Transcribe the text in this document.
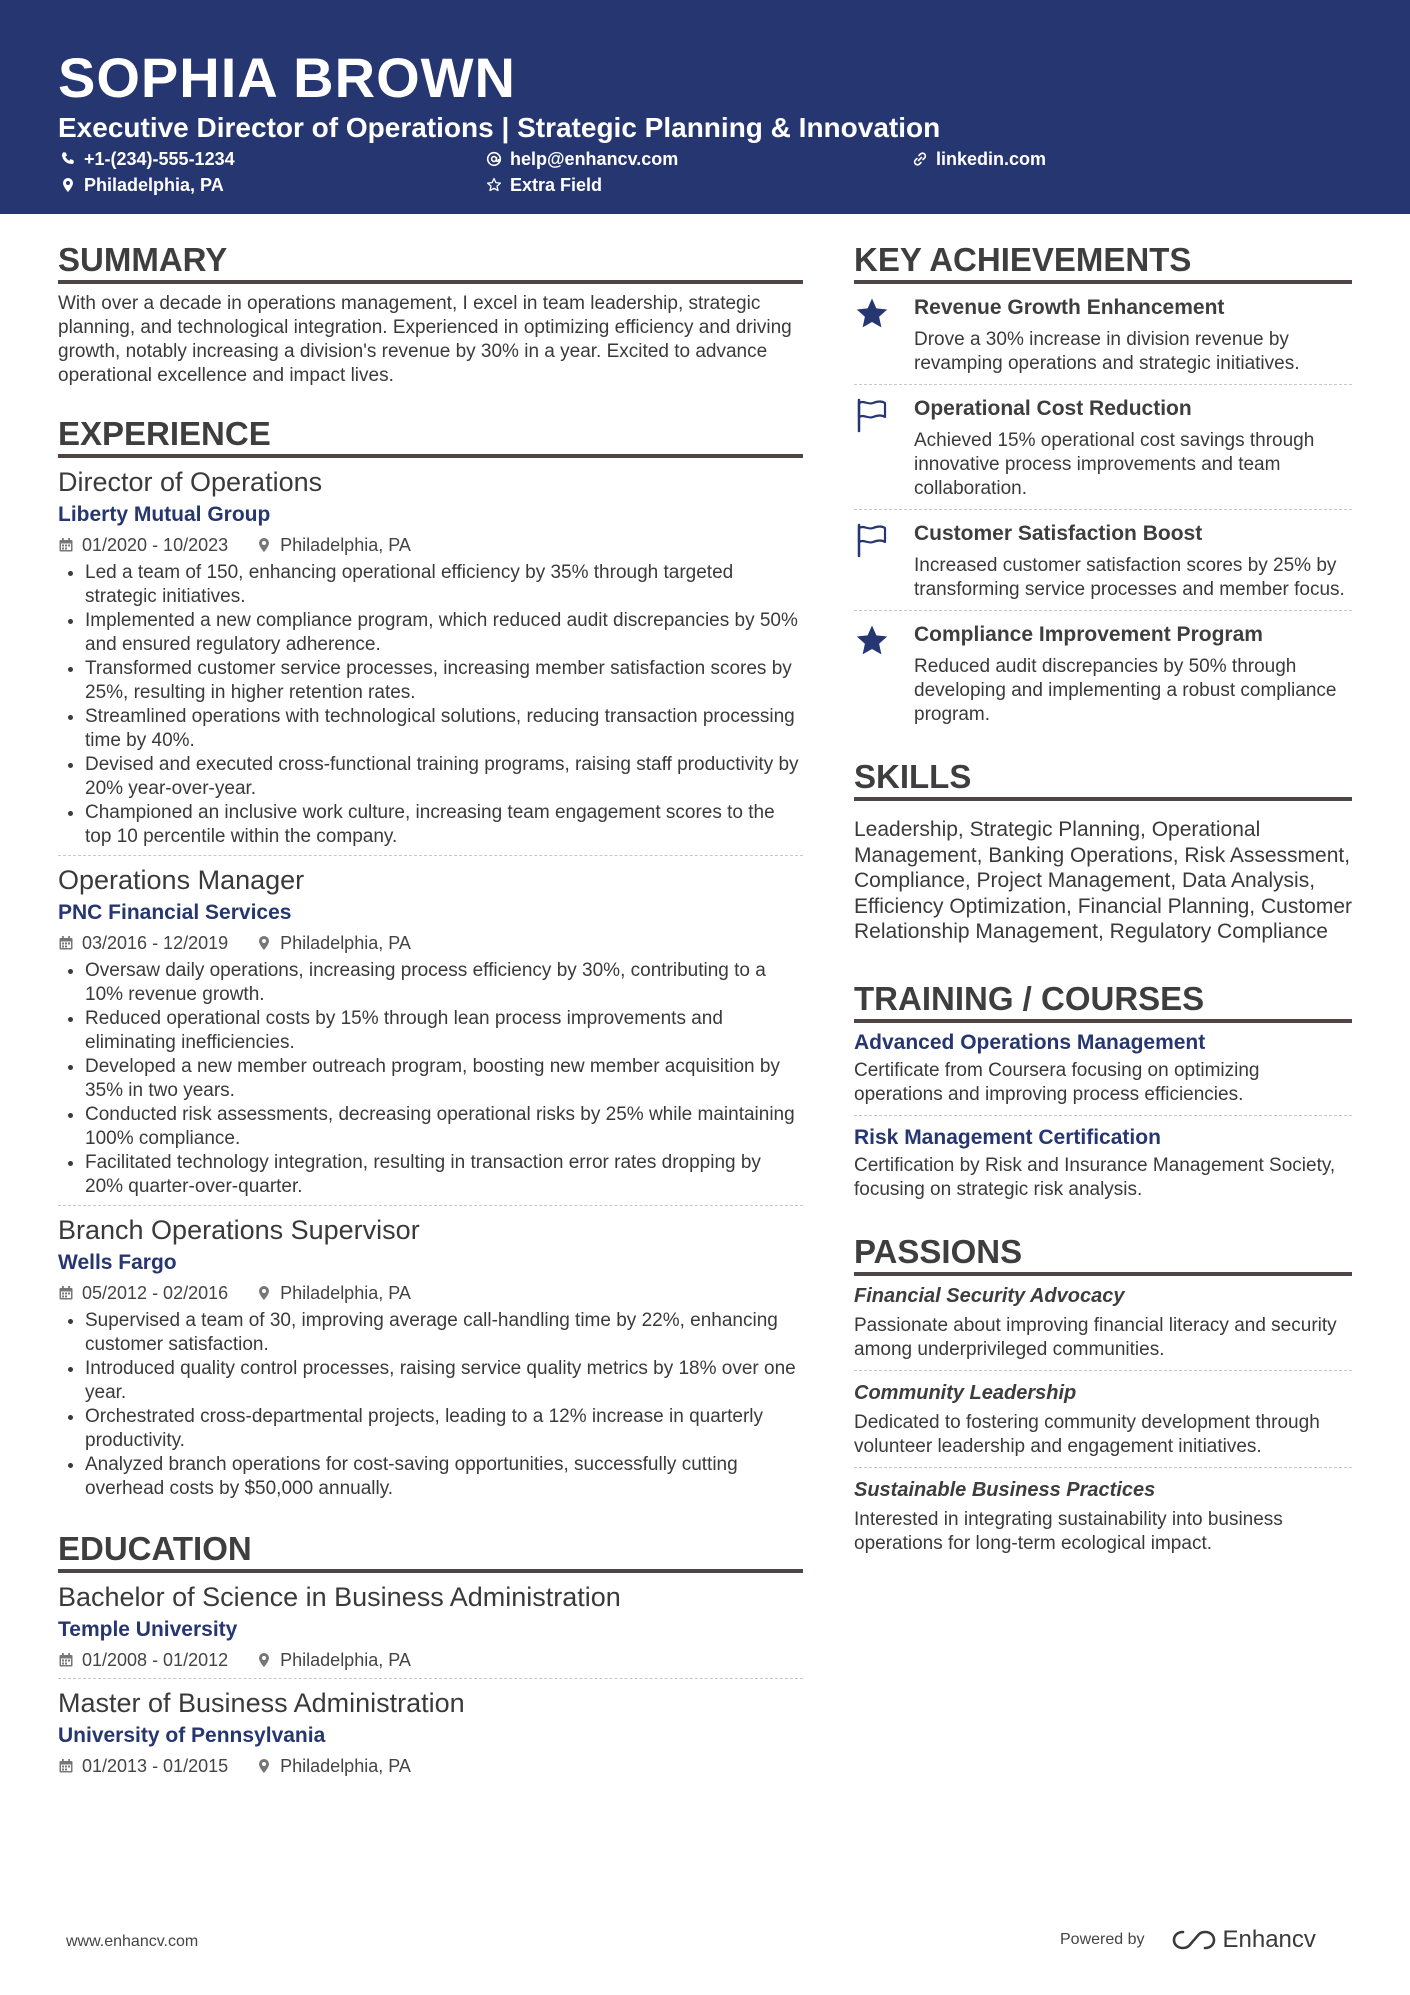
SOPHIA BROWN
Executive Director of Operations | Strategic Planning & Innovation
+1-(234)-555-1234	help@enhancv.com	linkedin.com
Philadelphia, PA	Extra Field
SUMMARY

With over a decade in operations management, I excel in team leadership, strategic planning, and technological integration. Experienced in optimizing efficiency and driving growth, notably increasing a division's revenue by 30% in a year. Excited to advance operational excellence and impact lives.

EXPERIENCE
Director of Operations
Liberty Mutual Group
01/2020 - 10/2023	Philadelphia, PA
• Led a team of 150, enhancing operational efficiency by 35% through targeted strategic initiatives.
• Implemented a new compliance program, which reduced audit discrepancies by 50% and ensured regulatory adherence.
• Transformed customer service processes, increasing member satisfaction scores by 25%, resulting in higher retention rates.
• Streamlined operations with technological solutions, reducing transaction processing time by 40%.
• Devised and executed cross-functional training programs, raising staff productivity by 20% year-over-year.
• Championed an inclusive work culture, increasing team engagement scores to the top 10 percentile within the company.
Operations Manager
PNC Financial Services
03/2016 - 12/2019	Philadelphia, PA
• Oversaw daily operations, increasing process efficiency by 30%, contributing to a 10% revenue growth.
• Reduced operational costs by 15% through lean process improvements and eliminating inefficiencies.
• Developed a new member outreach program, boosting new member acquisition by 35% in two years.
• Conducted risk assessments, decreasing operational risks by 25% while maintaining 100% compliance.
• Facilitated technology integration, resulting in transaction error rates dropping by 20% quarter-over-quarter.
Branch Operations Supervisor
Wells Fargo
05/2012 - 02/2016	Philadelphia, PA
• Supervised a team of 30, improving average call-handling time by 22%, enhancing customer satisfaction.
• Introduced quality control processes, raising service quality metrics by 18% over one year.
• Orchestrated cross-departmental projects, leading to a 12% increase in quarterly productivity.
• Analyzed branch operations for cost-saving opportunities, successfully cutting overhead costs by $50,000 annually.
EDUCATION
Bachelor of Science in Business Administration
Temple University
01/2008 - 01/2012	Philadelphia, PA
Master of Business Administration
University of Pennsylvania
01/2013 - 01/2015	Philadelphia, PA
KEY ACHIEVEMENTS
Revenue Growth Enhancement
Drove a 30% increase in division revenue by revamping operations and strategic initiatives.
Operational Cost Reduction
Achieved 15% operational cost savings through innovative process improvements and team collaboration.
Customer Satisfaction Boost
Increased customer satisfaction scores by 25% by transforming service processes and member focus.
Compliance Improvement Program
Reduced audit discrepancies by 50% through developing and implementing a robust compliance program.
SKILLS

Leadership, Strategic Planning, Operational Management, Banking Operations, Risk Assessment, Compliance, Project Management, Data Analysis, Efficiency Optimization, Financial Planning, Customer Relationship Management, Regulatory Compliance

TRAINING / COURSES
Advanced Operations Management
Certificate from Coursera focusing on optimizing operations and improving process efficiencies.
Risk Management Certification
Certification by Risk and Insurance Management Society, focusing on strategic risk analysis.
PASSIONS
Financial Security Advocacy
Passionate about improving financial literacy and security among underprivileged communities.
Community Leadership
Dedicated to fostering community development through volunteer leadership and engagement initiatives.
Sustainable Business Practices
Interested in integrating sustainability into business operations for long-term ecological impact.
www.enhancv.com	Powered by	Enhancv
